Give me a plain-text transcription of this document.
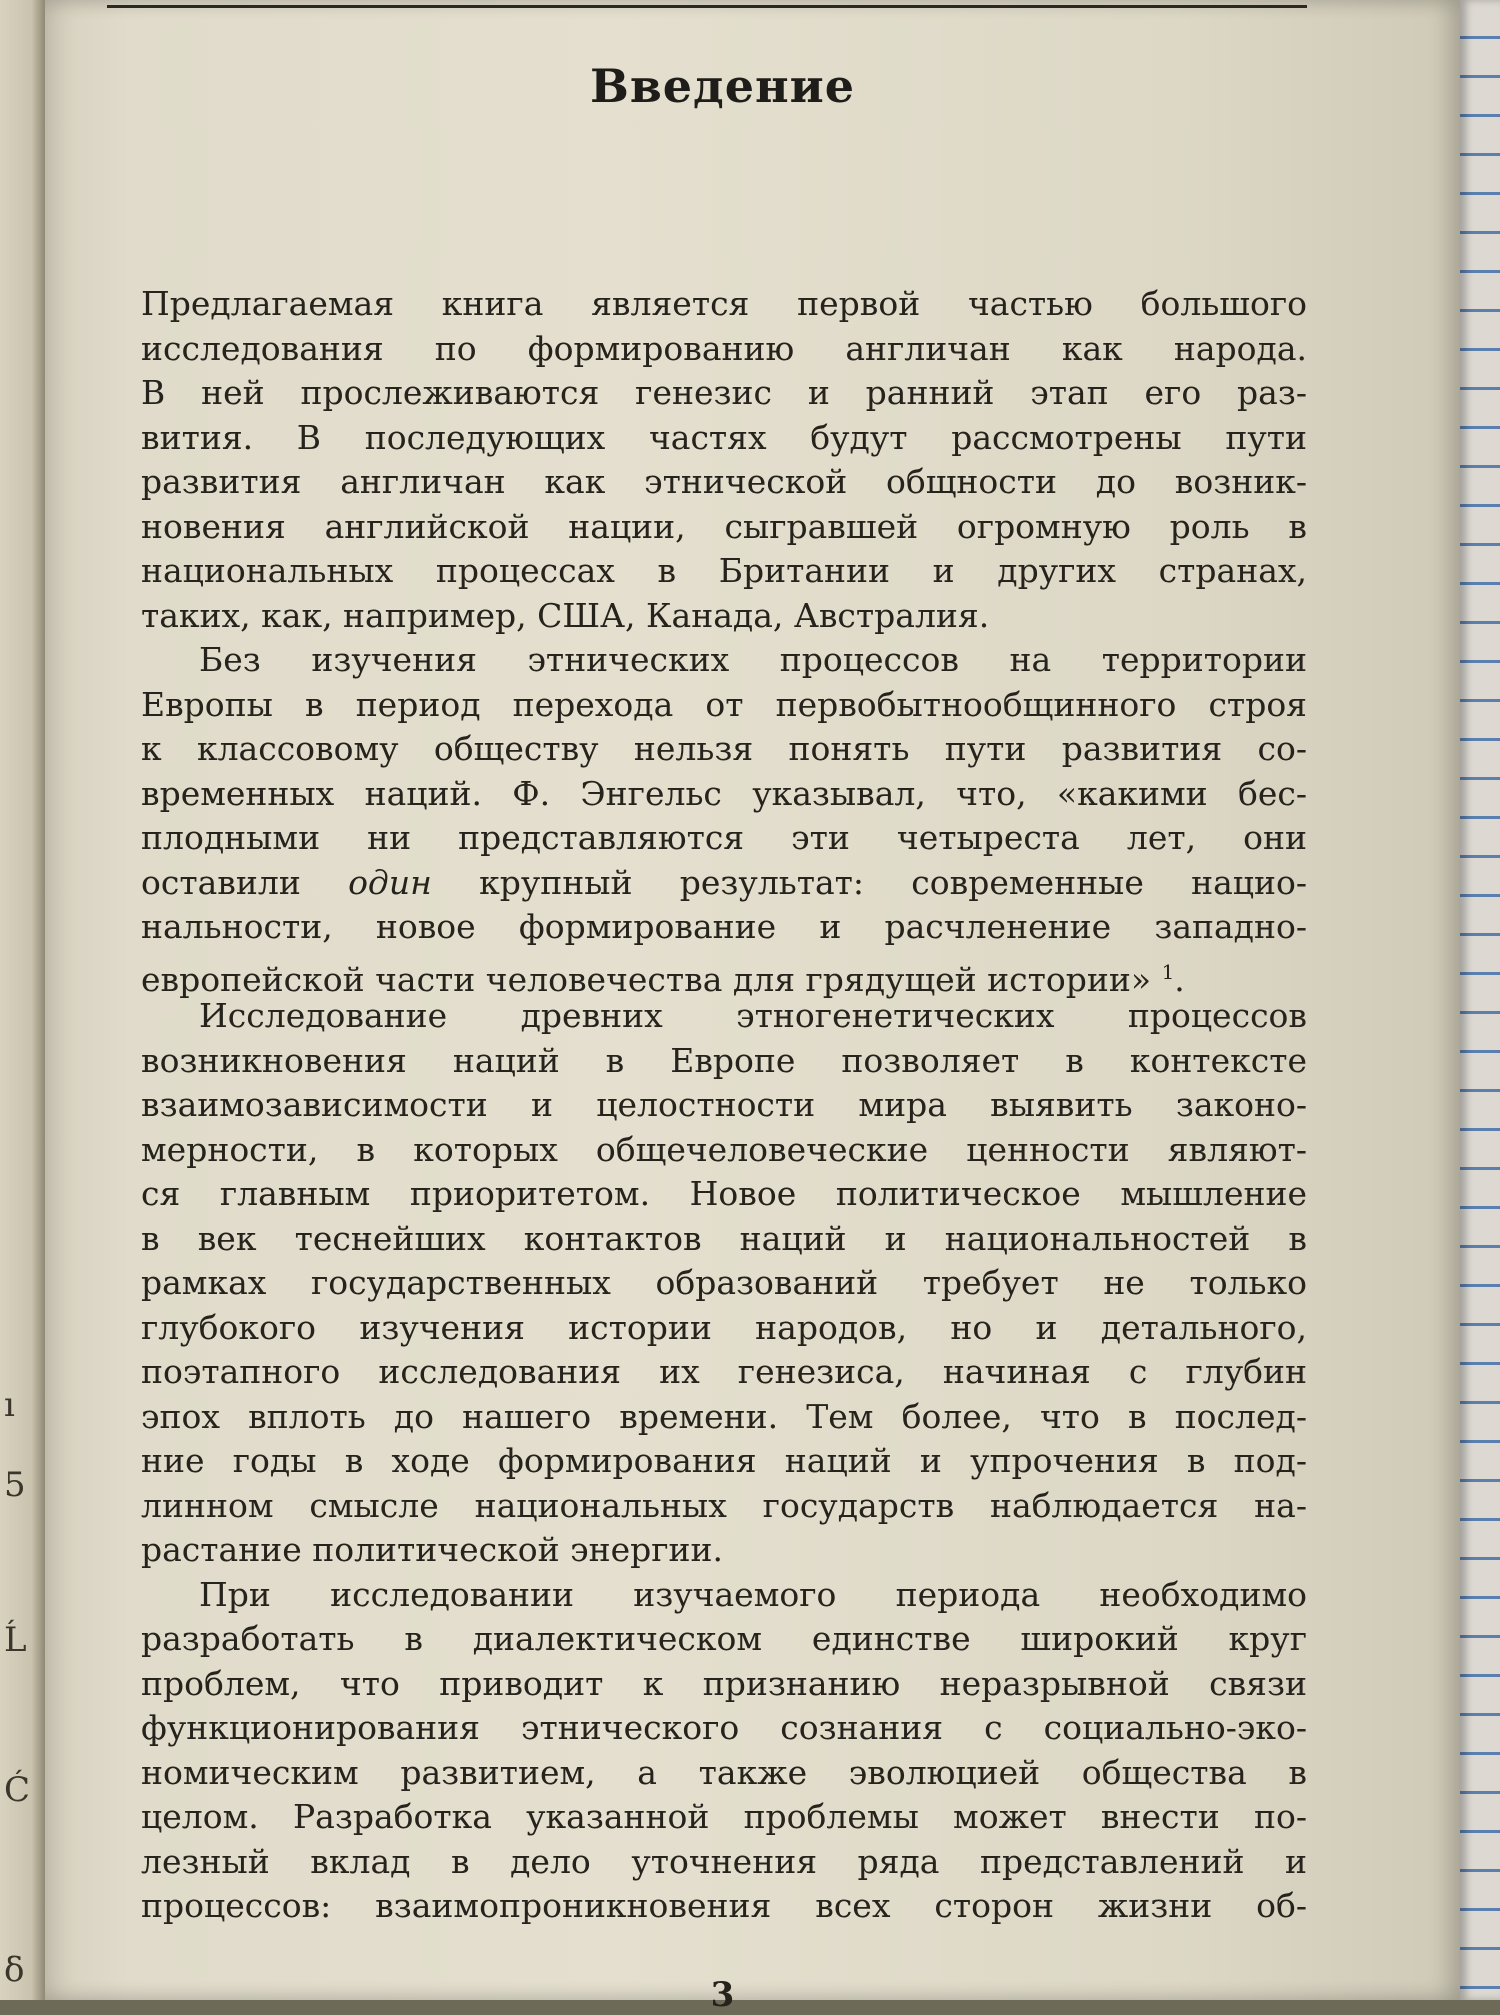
ı
5
Ĺ
Ć
δ
Введение
Предлагаемая книга является первой частью большого
исследования по формированию англичан как народа.
В ней прослеживаются генезис и ранний этап его раз-
вития. В последующих частях будут рассмотрены пути
развития англичан как этнической общности до возник-
новения английской нации, сыгравшей огромную роль в
национальных процессах в Британии и других странах,
таких, как, например, США, Канада, Австралия.
Без изучения этнических процессов на территории
Европы в период перехода от первобытнообщинного строя
к классовому обществу нельзя понять пути развития со-
временных наций. Ф. Энгельс указывал, что, «какими бес-
плодными ни представляются эти четыреста лет, они
оставили один крупный результат: современные нацио-
нальности, новое формирование и расчленение западно-
европейской части человечества для грядущей истории» $^1$.
Исследование древних этногенетических процессов
возникновения наций в Европе позволяет в контексте
взаимозависимости и целостности мира выявить законо-
мерности, в которых общечеловеческие ценности являют-
ся главным приоритетом. Новое политическое мышление
в век теснейших контактов наций и национальностей в
рамках государственных образований требует не только
глубокого изучения истории народов, но и детального,
поэтапного исследования их генезиса, начиная с глубин
эпох вплоть до нашего времени. Тем более, что в послед-
ние годы в ходе формирования наций и упрочения в под-
линном смысле национальных государств наблюдается на-
растание политической энергии.
При исследовании изучаемого периода необходимо
разработать в диалектическом единстве широкий круг
проблем, что приводит к признанию неразрывной связи
функционирования этнического сознания с социально-эко-
номическим развитием, а также эволюцией общества в
целом. Разработка указанной проблемы может внести по-
лезный вклад в дело уточнения ряда представлений и
процессов: взаимопроникновения всех сторон жизни об-
3
